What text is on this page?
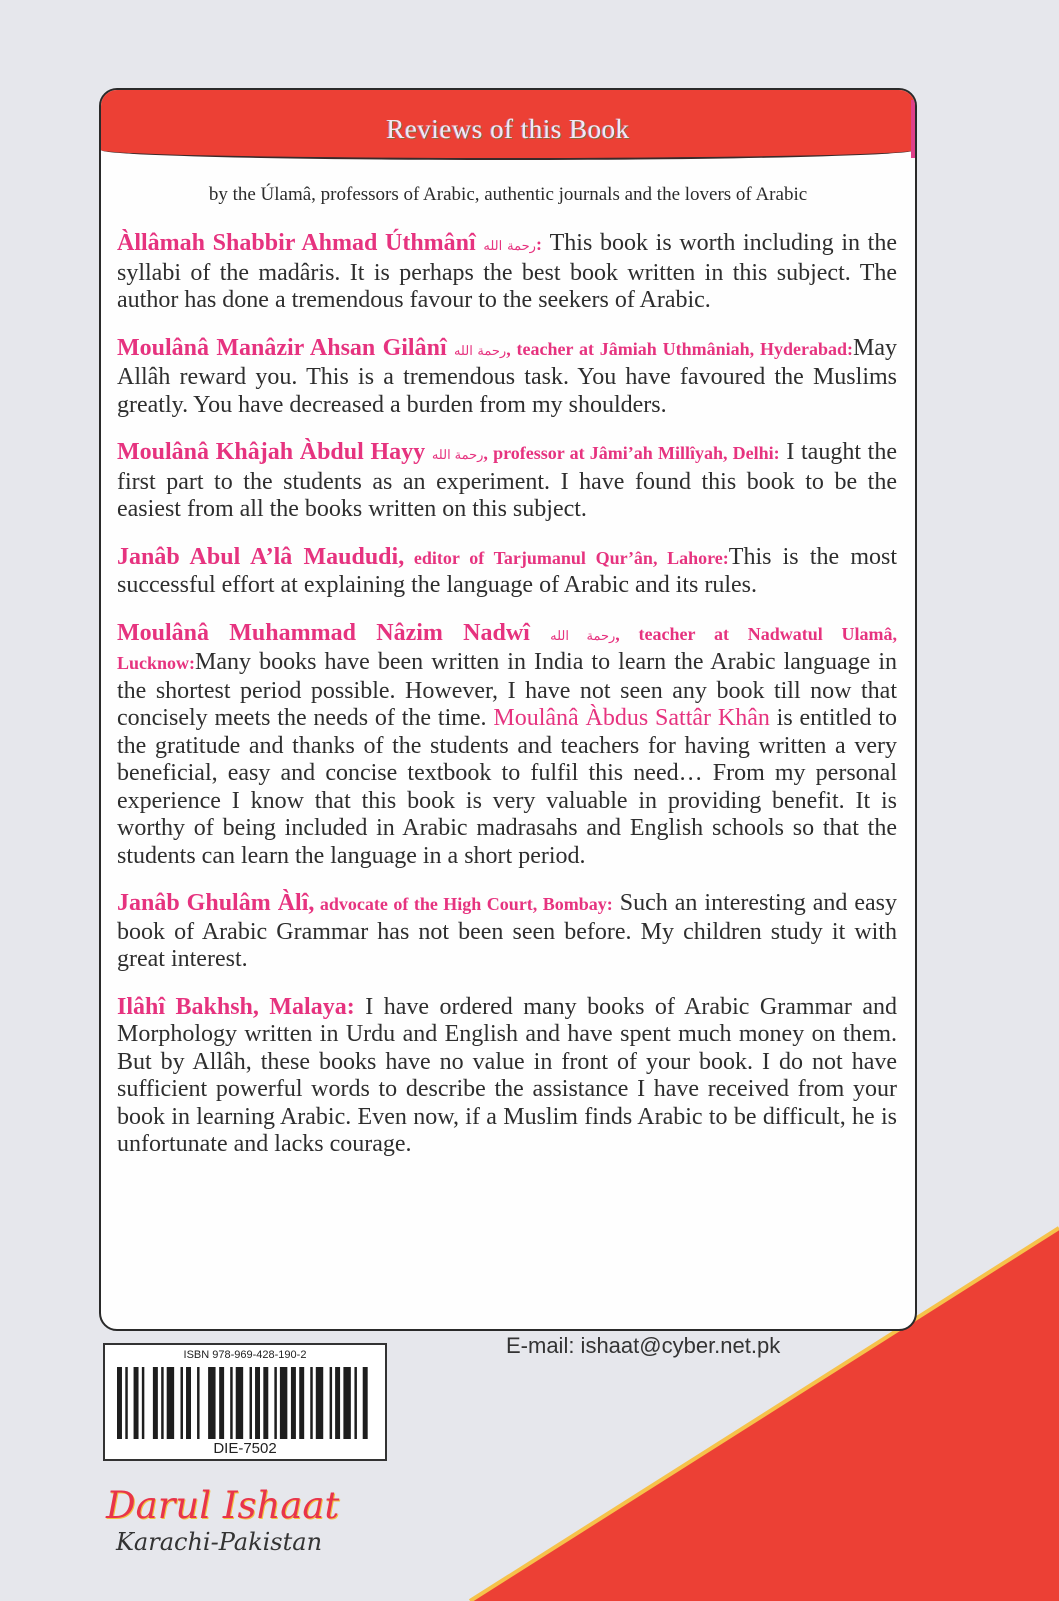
Reviews of this Book
by the Úlamâ, professors of Arabic, authentic journals and the lovers of Arabic

Àllâmah Shabbir Ahmad Úthmânî رحمة الله: This book is worth including in the syllabi of the madâris. It is perhaps the best book written in this subject. The author has done a tremendous favour to the seekers of Arabic.

Moulânâ Manâzir Ahsan Gilânî رحمة الله, teacher at Jâmiah Uthmâniah, Hyderabad:May Allâh reward you. This is a tremendous task. You have favoured the Muslims greatly. You have decreased a burden from my shoulders.

Moulânâ Khâjah Àbdul Hayy رحمة الله, professor at Jâmi’ah Millîyah, Delhi: I taught the first part to the students as an experiment. I have found this book to be the easiest from all the books written on this subject.

Janâb Abul A’lâ Maududi, editor of Tarjumanul Qur’ân, Lahore:This is the most successful effort at explaining the language of Arabic and its rules.

Moulânâ Muhammad Nâzim Nadwî رحمة الله, teacher at Nadwatul Ulamâ, Lucknow:Many books have been written in India to learn the Arabic language in the shortest period possible. However, I have not seen any book till now that concisely meets the needs of the time. Moulânâ Àbdus Sattâr Khân is entitled to the gratitude and thanks of the students and teachers for having written a very beneficial, easy and concise textbook to fulfil this need… From my personal experience I know that this book is very valuable in providing benefit. It is worthy of being included in Arabic madrasahs and English schools so that the students can learn the language in a short period.

Janâb Ghulâm Àlî, advocate of the High Court, Bombay: Such an interesting and easy book of Arabic Grammar has not been seen before. My children study it with great interest.

Ilâhî Bakhsh, Malaya: I have ordered many books of Arabic Grammar and Morphology written in Urdu and English and have spent much money on them. But by Allâh, these books have no value in front of your book. I do not have sufficient powerful words to describe the assistance I have received from your book in learning Arabic. Even now, if a Muslim finds Arabic to be difficult, he is unfortunate and lacks courage.

ISBN 978-969-428-190-2
DIE-7502
E-mail: ishaat@cyber.net.pk
Darul Ishaat
Karachi-Pakistan
